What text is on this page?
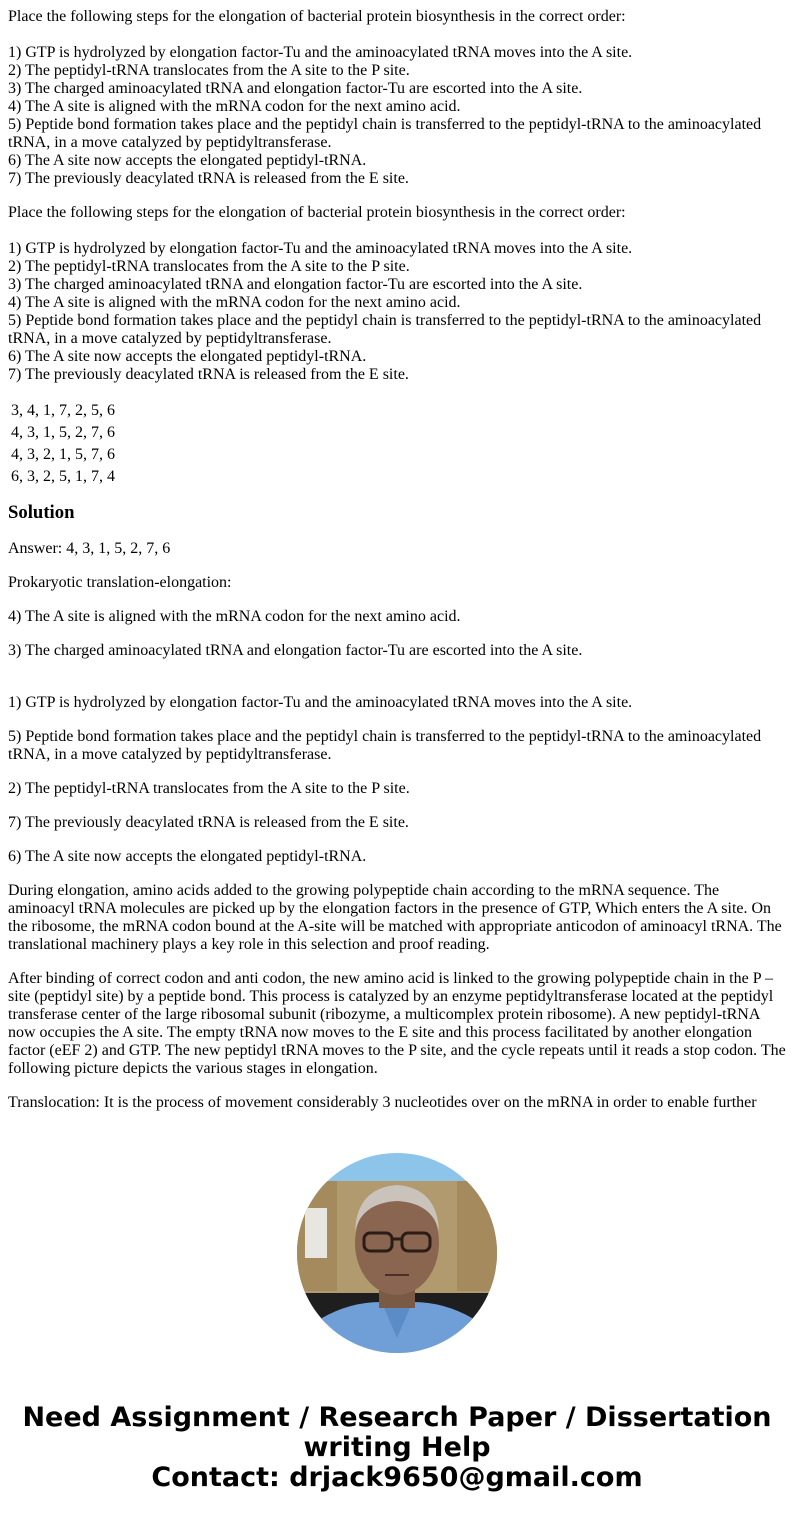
Place the following steps for the elongation of bacterial protein biosynthesis in the correct order:

1) GTP is hydrolyzed by elongation factor-Tu and the aminoacylated tRNA moves into the A site.

2) The peptidyl-tRNA translocates from the A site to the P site.

3) The charged aminoacylated tRNA and elongation factor-Tu are escorted into the A site.

4) The A site is aligned with the mRNA codon for the next amino acid.

5) Peptide bond formation takes place and the peptidyl chain is transferred to the peptidyl-tRNA to the aminoacylated tRNA, in a move catalyzed by peptidyltransferase.

6) The A site now accepts the elongated peptidyl-tRNA.

7) The previously deacylated tRNA is released from the E site.

Place the following steps for the elongation of bacterial protein biosynthesis in the correct order:

1) GTP is hydrolyzed by elongation factor-Tu and the aminoacylated tRNA moves into the A site.

2) The peptidyl-tRNA translocates from the A site to the P site.

3) The charged aminoacylated tRNA and elongation factor-Tu are escorted into the A site.

4) The A site is aligned with the mRNA codon for the next amino acid.

5) Peptide bond formation takes place and the peptidyl chain is transferred to the peptidyl-tRNA to the aminoacylated tRNA, in a move catalyzed by peptidyltransferase.

6) The A site now accepts the elongated peptidyl-tRNA.

7) The previously deacylated tRNA is released from the E site.

3, 4, 1, 7, 2, 5, 6
4, 3, 1, 5, 2, 7, 6
4, 3, 2, 1, 5, 7, 6
6, 3, 2, 5, 1, 7, 4
Solution

Answer: 4, 3, 1, 5, 2, 7, 6

Prokaryotic translation-elongation:

4) The A site is aligned with the mRNA codon for the next amino acid.

3) The charged aminoacylated tRNA and elongation factor-Tu are escorted into the A site.

1) GTP is hydrolyzed by elongation factor-Tu and the aminoacylated tRNA moves into the A site.

5) Peptide bond formation takes place and the peptidyl chain is transferred to the peptidyl-tRNA to the aminoacylated tRNA, in a move catalyzed by peptidyltransferase.

2) The peptidyl-tRNA translocates from the A site to the P site.

7) The previously deacylated tRNA is released from the E site.

6) The A site now accepts the elongated peptidyl-tRNA.

During elongation, amino acids added to the growing polypeptide chain according to the mRNA sequence. The aminoacyl tRNA molecules are picked up by the elongation factors in the presence of GTP, Which enters the A site. On the ribosome, the mRNA codon bound at the A-site will be matched with appropriate anticodon of aminoacyl tRNA. The translational machinery plays a key role in this selection and proof reading.

After binding of correct codon and anti codon, the new amino acid is linked to the growing polypeptide chain in the P – site (peptidyl site) by a peptide bond. This process is catalyzed by an enzyme peptidyltransferase located at the peptidyl transferase center of the large ribosomal subunit (ribozyme, a multicomplex protein ribosome). A new peptidyl-tRNA now occupies the A site. The empty tRNA now moves to the E site and this process facilitated by another elongation factor (eEF 2) and GTP. The new peptidyl tRNA moves to the P site, and the cycle repeats until it reads a stop codon. The following picture depicts the various stages in elongation.

Translocation: It is the process of movement considerably 3 nucleotides over on the mRNA in order to enable further

Need Assignment / Research Paper / Dissertation
writing Help
Contact: drjack9650@gmail.com
